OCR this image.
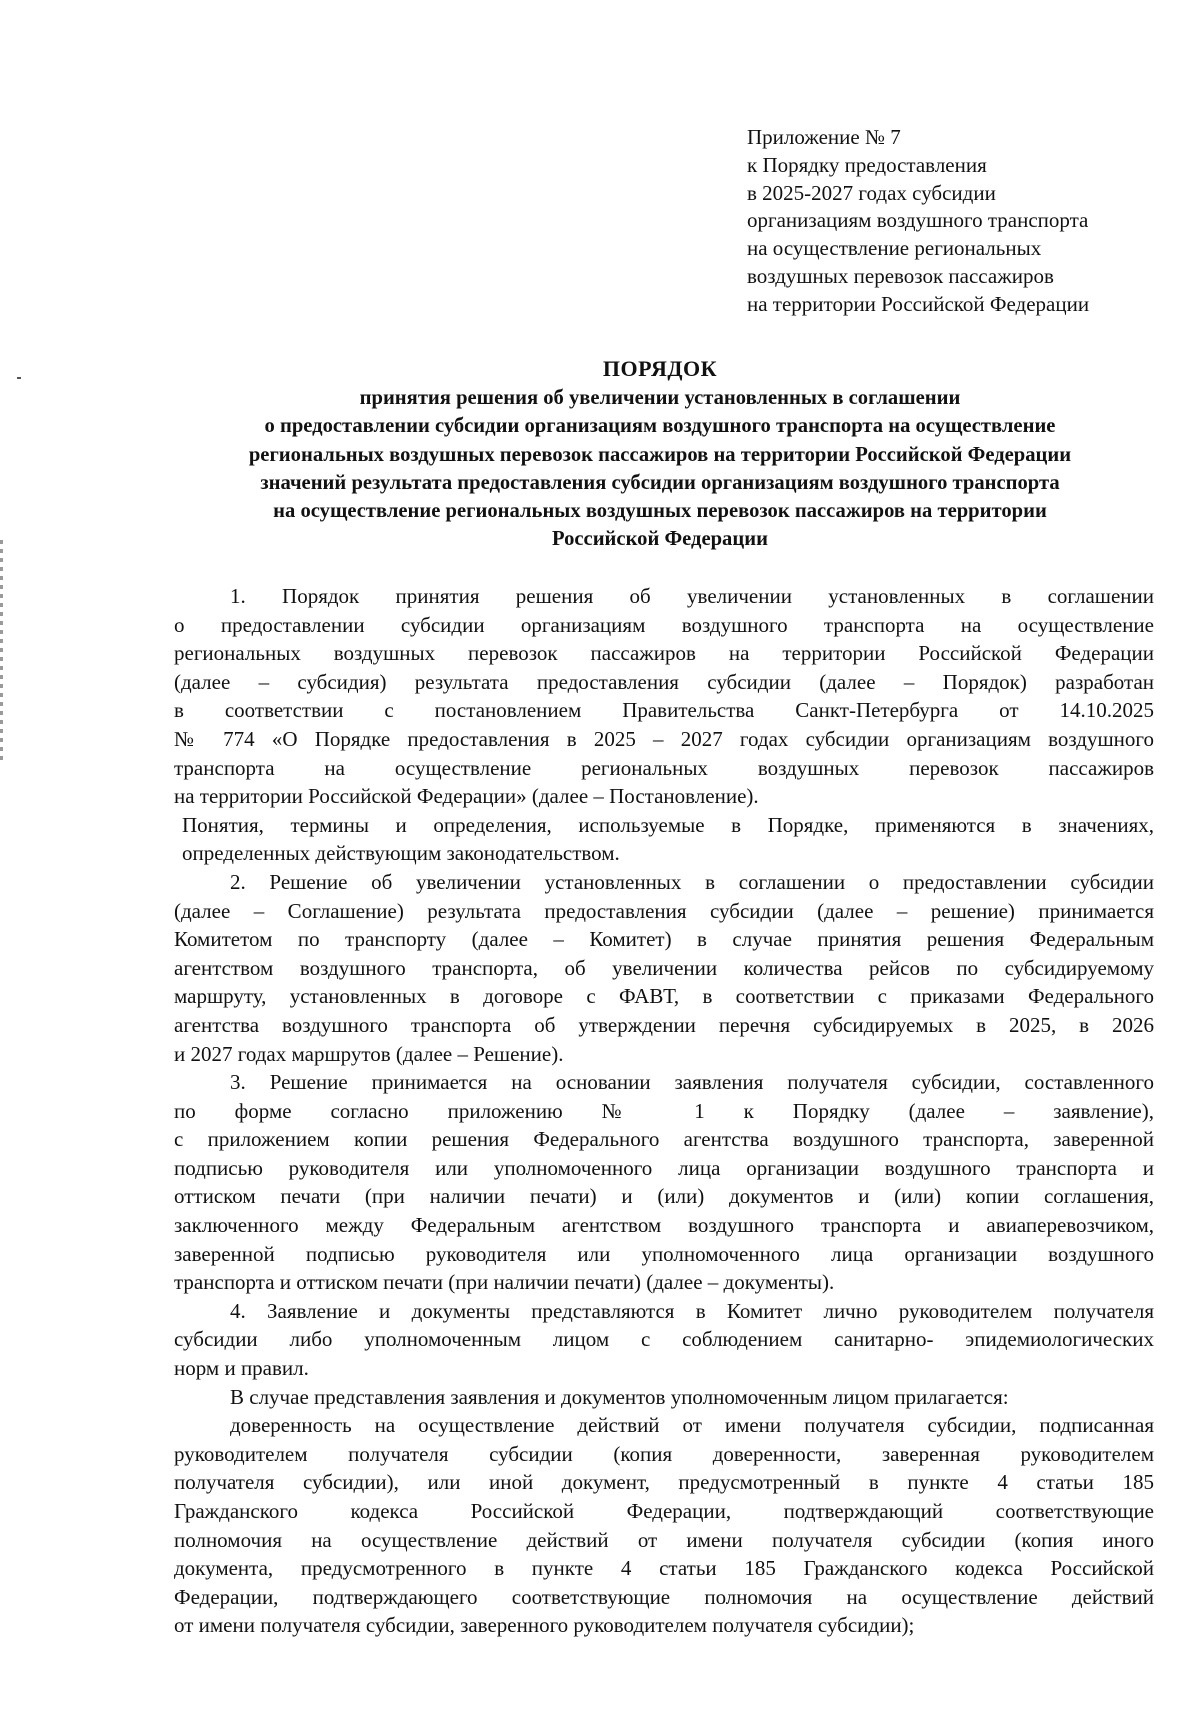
Приложение № 7
к Порядку предоставления
в 2025-2027 годах субсидии
организациям воздушного транспорта
на осуществление региональных
воздушных перевозок пассажиров
на территории Российской Федерации
ПОРЯДОК
принятия решения об увеличении установленных в соглашении
о предоставлении субсидии организациям воздушного транспорта на осуществление
региональных воздушных перевозок пассажиров на территории Российской Федерации
значений результата предоставления субсидии организациям воздушного транспорта
на осуществление региональных воздушных перевозок пассажиров на территории
Российской Федерации
1. Порядок принятия решения об увеличении установленных в соглашении
о предоставлении субсидии организациям воздушного транспорта на осуществление
региональных воздушных перевозок пассажиров на территории Российской Федерации
(далее – субсидия) результата предоставления субсидии (далее – Порядок) разработан
в соответствии с постановлением Правительства Санкт-Петербурга от 14.10.2025
№ 774 «О Порядке предоставления в 2025 – 2027 годах субсидии организациям воздушного
транспорта на осуществление региональных воздушных перевозок пассажиров
на территории Российской Федерации» (далее – Постановление).
Понятия, термины и определения, используемые в Порядке, применяются в значениях,
определенных действующим законодательством.
2. Решение об увеличении установленных в соглашении о предоставлении субсидии
(далее – Соглашение) результата предоставления субсидии (далее – решение) принимается
Комитетом по транспорту (далее – Комитет) в случае принятия решения Федеральным
агентством воздушного транспорта, об увеличении количества рейсов по субсидируемому
маршруту, установленных в договоре с ФАВТ, в соответствии с приказами Федерального
агентства воздушного транспорта об утверждении перечня субсидируемых в 2025, в 2026
и 2027 годах маршрутов (далее – Решение).
3. Решение принимается на основании заявления получателя субсидии, составленного
по форме согласно приложению № 1 к Порядку (далее – заявление),
с приложением копии решения Федерального агентства воздушного транспорта, заверенной
подписью руководителя или уполномоченного лица организации воздушного транспорта и
оттиском печати (при наличии печати) и (или) документов и (или) копии соглашения,
заключенного между Федеральным агентством воздушного транспорта и авиаперевозчиком,
заверенной подписью руководителя или уполномоченного лица организации воздушного
транспорта и оттиском печати (при наличии печати) (далее – документы).
4. Заявление и документы представляются в Комитет лично руководителем получателя
субсидии либо уполномоченным лицом с соблюдением санитарно- эпидемиологических
норм и правил.
В случае представления заявления и документов уполномоченным лицом прилагается:
доверенность на осуществление действий от имени получателя субсидии, подписанная
руководителем получателя субсидии (копия доверенности, заверенная руководителем
получателя субсидии), или иной документ, предусмотренный в пункте 4 статьи 185
Гражданского кодекса Российской Федерации, подтверждающий соответствующие
полномочия на осуществление действий от имени получателя субсидии (копия иного
документа, предусмотренного в пункте 4 статьи 185 Гражданского кодекса Российской
Федерации, подтверждающего соответствующие полномочия на осуществление действий
от имени получателя субсидии, заверенного руководителем получателя субсидии);
